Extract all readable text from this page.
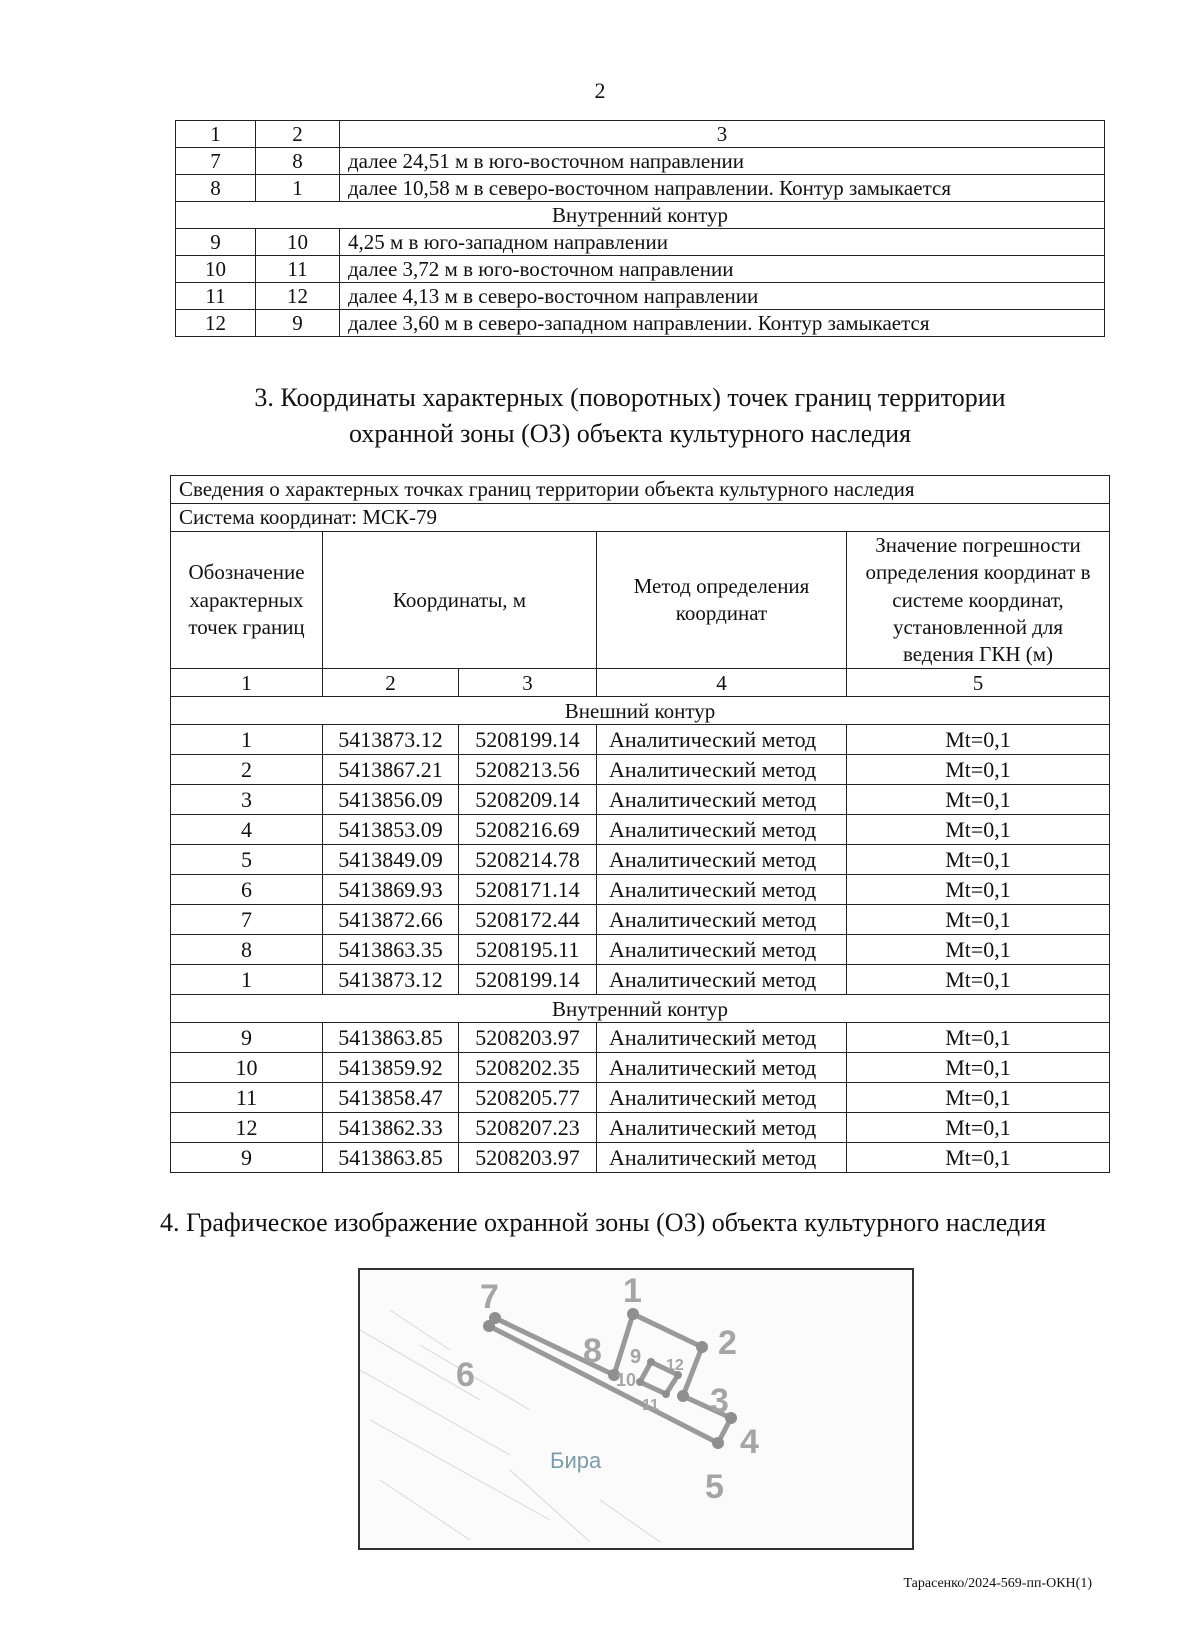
2
1	2	3
7	8	далее 24,51 м в юго-восточном направлении
8	1	далее 10,58 м в северо-восточном направлении. Контур замыкается
Внутренний контур		
9	10	4,25 м в юго-западном направлении
10	11	далее 3,72 м в юго-восточном направлении
11	12	далее 4,13 м в северо-восточном направлении
12	9	далее 3,60 м в северо-западном направлении. Контур замыкается
3. Координаты характерных (поворотных) точек границ территории
охранной зоны (ОЗ) объекта культурного наследия
Сведения о характерных точках границ территории объекта культурного наследия				
Система координат: МСК-79				
Обозначение характерных точек границ	Координаты, м		Метод определения координат	Значение погрешности определения координат в системе координат, установленной для ведения ГКН (м)
1	2	3	4	5
Внешний контур				
1	5413873.12	5208199.14	Аналитический метод	Mt=0,1
2	5413867.21	5208213.56	Аналитический метод	Mt=0,1
3	5413856.09	5208209.14	Аналитический метод	Mt=0,1
4	5413853.09	5208216.69	Аналитический метод	Mt=0,1
5	5413849.09	5208214.78	Аналитический метод	Mt=0,1
6	5413869.93	5208171.14	Аналитический метод	Mt=0,1
7	5413872.66	5208172.44	Аналитический метод	Mt=0,1
8	5413863.35	5208195.11	Аналитический метод	Mt=0,1
1	5413873.12	5208199.14	Аналитический метод	Mt=0,1
Внутренний контур				
9	5413863.85	5208203.97	Аналитический метод	Mt=0,1
10	5413859.92	5208202.35	Аналитический метод	Mt=0,1
11	5413858.47	5208205.77	Аналитический метод	Mt=0,1
12	5413862.33	5208207.23	Аналитический метод	Mt=0,1
9	5413863.85	5208203.97	Аналитический метод	Mt=0,1
4. Графическое изображение охранной зоны (ОЗ) объекта культурного наследия
1
2
3
4
5
6
7
8 9
10
11
12
Бира
Тарасенко/2024-569-пп-ОКН(1)
